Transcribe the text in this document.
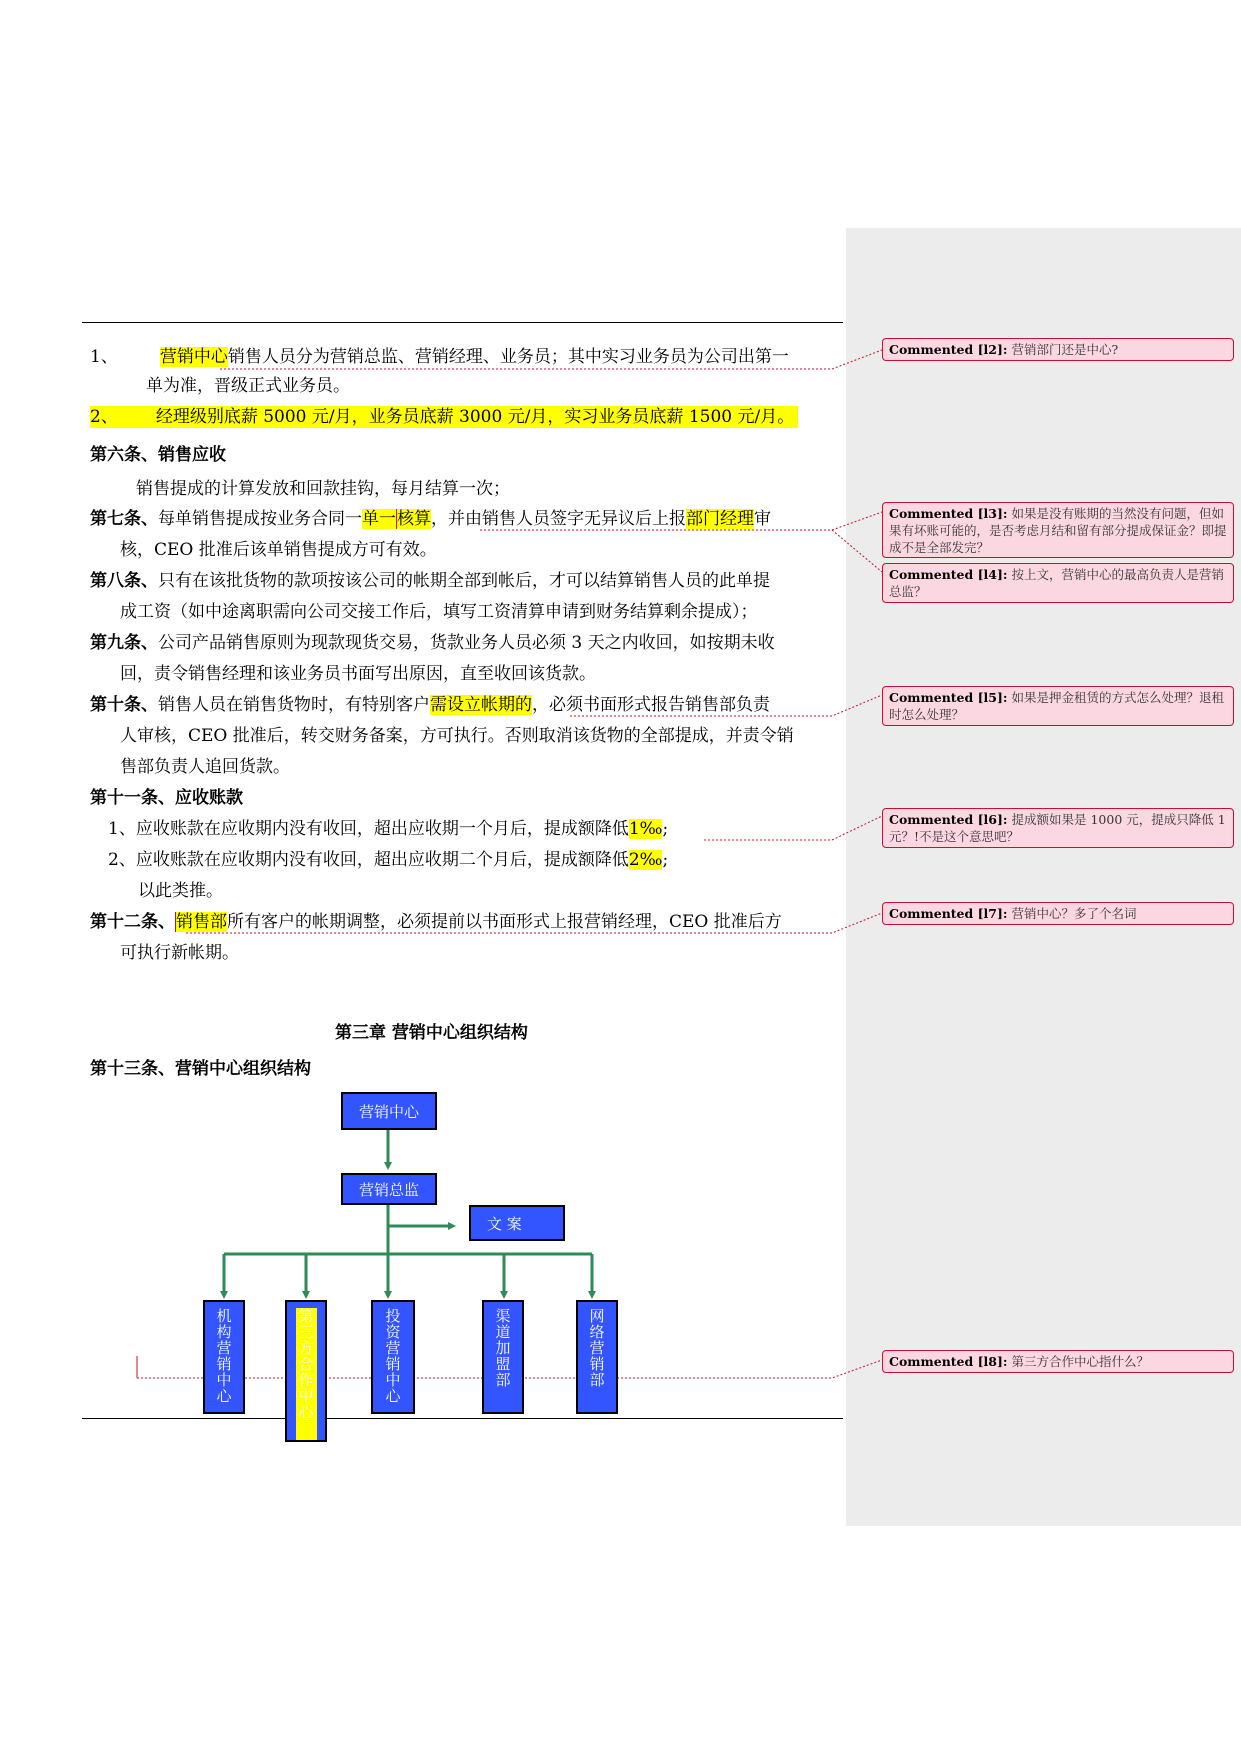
1、 营销中心销售人员分为营销总监、营销经理、业务员；其中实习业务员为公司出第一
单为准，晋级正式业务员。
2、 经理级别底薪 5000 元/月，业务员底薪 3000 元/月，实习业务员底薪 1500 元/月。
第六条、销售应收
销售提成的计算发放和回款挂钩，每月结算一次；
第七条、每单销售提成按业务合同一单一核算，并由销售人员签字无异议后上报部门经理审
核，CEO 批准后该单销售提成方可有效。
第八条、只有在该批货物的款项按该公司的帐期全部到帐后，才可以结算销售人员的此单提
成工资（如中途离职需向公司交接工作后，填写工资清算申请到财务结算剩余提成）；
第九条、公司产品销售原则为现款现货交易，货款业务人员必须 3 天之内收回，如按期未收
回，责令销售经理和该业务员书面写出原因，直至收回该货款。
第十条、销售人员在销售货物时，有特别客户需设立帐期的，必须书面形式报告销售部负责
人审核，CEO 批准后，转交财务备案，方可执行。否则取消该货物的全部提成，并责令销
售部负责人追回货款。
第十一条、应收账款
1、应收账款在应收期内没有收回，超出应收期一个月后，提成额降低1‰;
2、应收账款在应收期内没有收回，超出应收期二个月后，提成额降低2‰;
以此类推。
第十二条、销售部所有客户的帐期调整，必须提前以书面形式上报营销经理，CEO 批准后方
可执行新帐期。
第三章 营销中心组织结构
第十三条、营销中心组织结构
Commented [l2]: 营销部门还是中心?
Commented [l3]: 如果是没有账期的当然没有问题，但如果有坏账可能的，是否考虑月结和留有部分提成保证金？即提成不是全部发完？
Commented [l4]: 按上文，营销中心的最高负责人是营销总监？
Commented [l5]: 如果是押金租赁的方式怎么处理？退租时怎么处理？
Commented [l6]: 提成额如果是 1000 元，提成只降低 1 元？!不是这个意思吧？
Commented [l7]: 营销中心？多了个名词
Commented [l8]: 第三方合作中心指什么？
营销中心
营销总监
文 案
机构营销中心	第三方合作中心	投资营销中心	渠道加盟部	网络营销部
